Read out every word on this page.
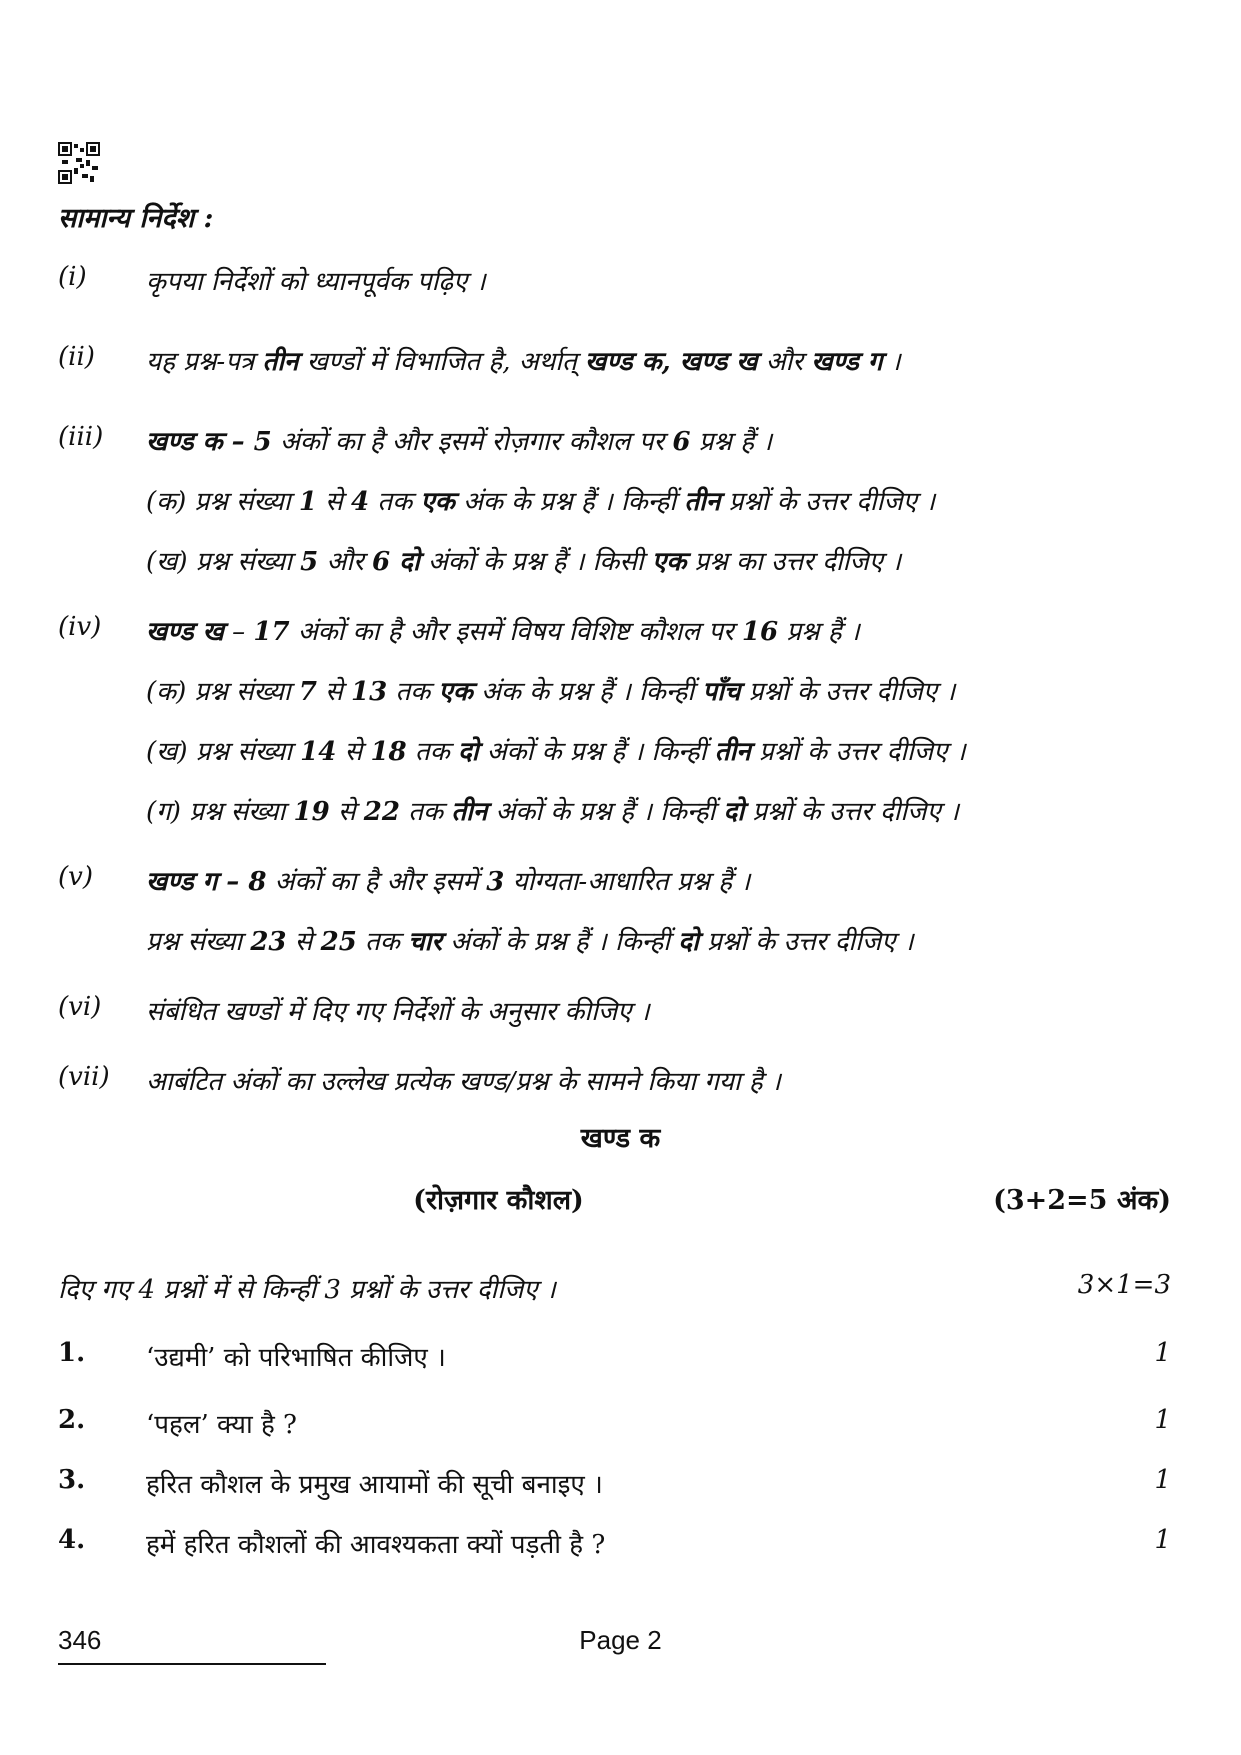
सामान्य निर्देश :
(i) कृपया निर्देशों को ध्यानपूर्वक पढ़िए ।
(ii) यह प्रश्न-पत्र तीन खण्डों में विभाजित है, अर्थात् खण्ड क, खण्ड ख और खण्ड ग ।
(iii) खण्ड क – 5 अंकों का है और इसमें रोज़गार कौशल पर 6 प्रश्न हैं ।
(क) प्रश्न संख्या 1 से 4 तक एक अंक के प्रश्न हैं । किन्हीं तीन प्रश्नों के उत्तर दीजिए ।
(ख) प्रश्न संख्या 5 और 6 दो अंकों के प्रश्न हैं । किसी एक प्रश्न का उत्तर दीजिए ।
(iv) खण्ड ख – 17 अंकों का है और इसमें विषय विशिष्ट कौशल पर 16 प्रश्न हैं ।
(क) प्रश्न संख्या 7 से 13 तक एक अंक के प्रश्न हैं । किन्हीं पाँच प्रश्नों के उत्तर दीजिए ।
(ख) प्रश्न संख्या 14 से 18 तक दो अंकों के प्रश्न हैं । किन्हीं तीन प्रश्नों के उत्तर दीजिए ।
(ग) प्रश्न संख्या 19 से 22 तक तीन अंकों के प्रश्न हैं । किन्हीं दो प्रश्नों के उत्तर दीजिए ।
(v) खण्ड ग – 8 अंकों का है और इसमें 3 योग्यता-आधारित प्रश्न हैं ।
प्रश्न संख्या 23 से 25 तक चार अंकों के प्रश्न हैं । किन्हीं दो प्रश्नों के उत्तर दीजिए ।
(vi) संबंधित खण्डों में दिए गए निर्देशों के अनुसार कीजिए ।
(vii) आबंटित अंकों का उल्लेख प्रत्येक खण्ड/प्रश्न के सामने किया गया है ।
खण्ड क
(रोज़गार कौशल)	(3+2=5 अंक)
दिए गए 4 प्रश्नों में से किन्हीं 3 प्रश्नों के उत्तर दीजिए ।	3×1=3
1. ‘उद्यमी’ को परिभाषित कीजिए ।	1
2. ‘पहल’ क्या है ?	1
3. हरित कौशल के प्रमुख आयामों की सूची बनाइए ।	1
4. हमें हरित कौशलों की आवश्यकता क्यों पड़ती है ?	1
346	Page 2
